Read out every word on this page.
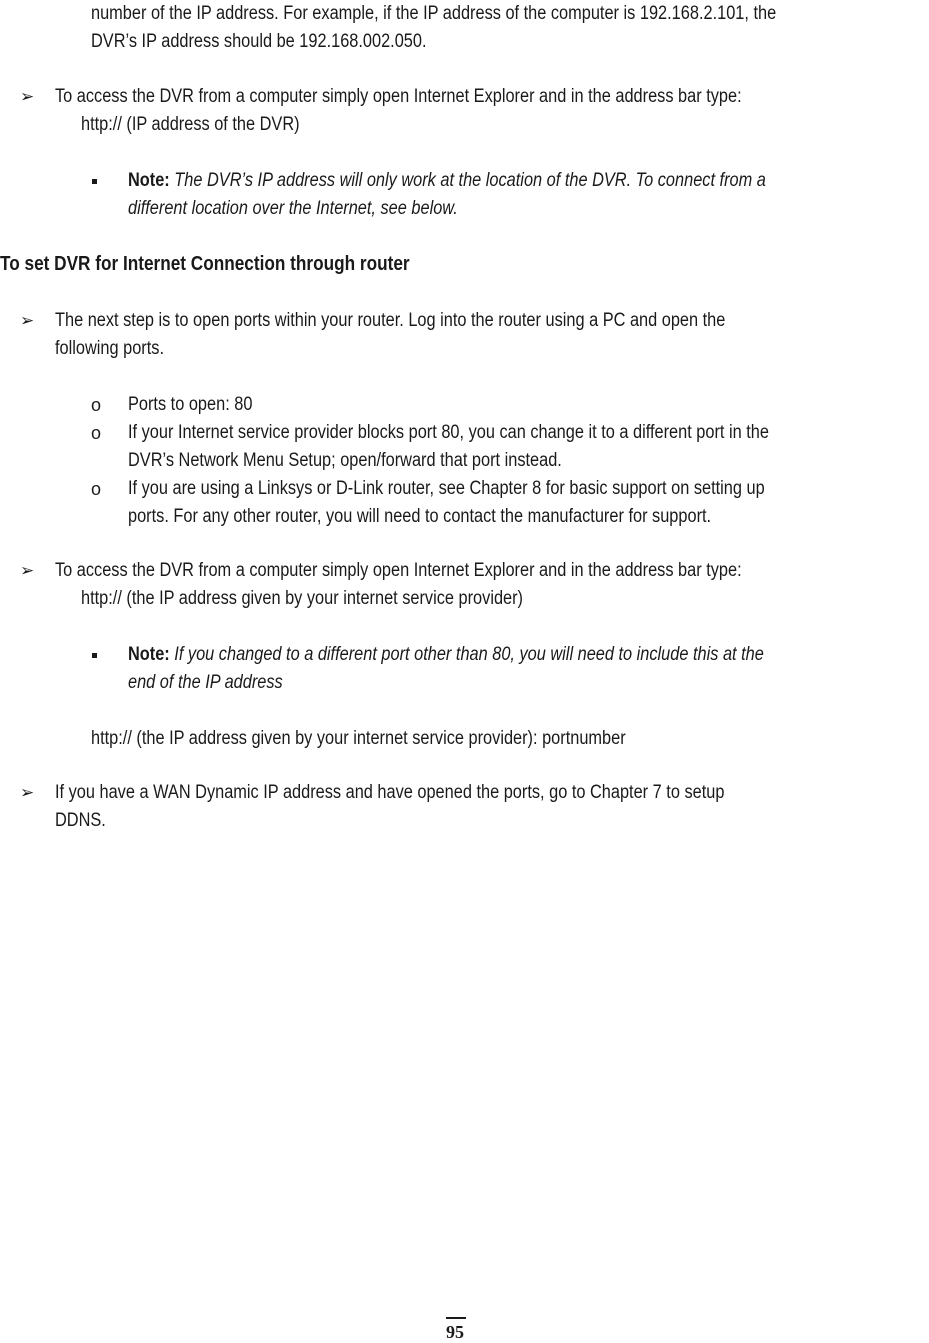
number of the IP address. For example, if the IP address of the computer is 192.168.2.101, the
DVR’s IP address should be 192.168.002.050.
➢ To access the DVR from a computer simply open Internet Explorer and in the address bar type:
http:// (IP address of the DVR)
Note: The DVR’s IP address will only work at the location of the DVR. To connect from a
different location over the Internet, see below.
To set DVR for Internet Connection through router
➢ The next step is to open ports within your router. Log into the router using a PC and open the
following ports.
o Ports to open: 80
o If your Internet service provider blocks port 80, you can change it to a different port in the
DVR’s Network Menu Setup; open/forward that port instead.
o If you are using a Linksys or D-Link router, see Chapter 8 for basic support on setting up
ports. For any other router, you will need to contact the manufacturer for support.
➢ To access the DVR from a computer simply open Internet Explorer and in the address bar type:
http:// (the IP address given by your internet service provider)
Note: If you changed to a different port other than 80, you will need to include this at the
end of the IP address
http:// (the IP address given by your internet service provider): portnumber
➢ If you have a WAN Dynamic IP address and have opened the ports, go to Chapter 7 to setup
DDNS.
95
